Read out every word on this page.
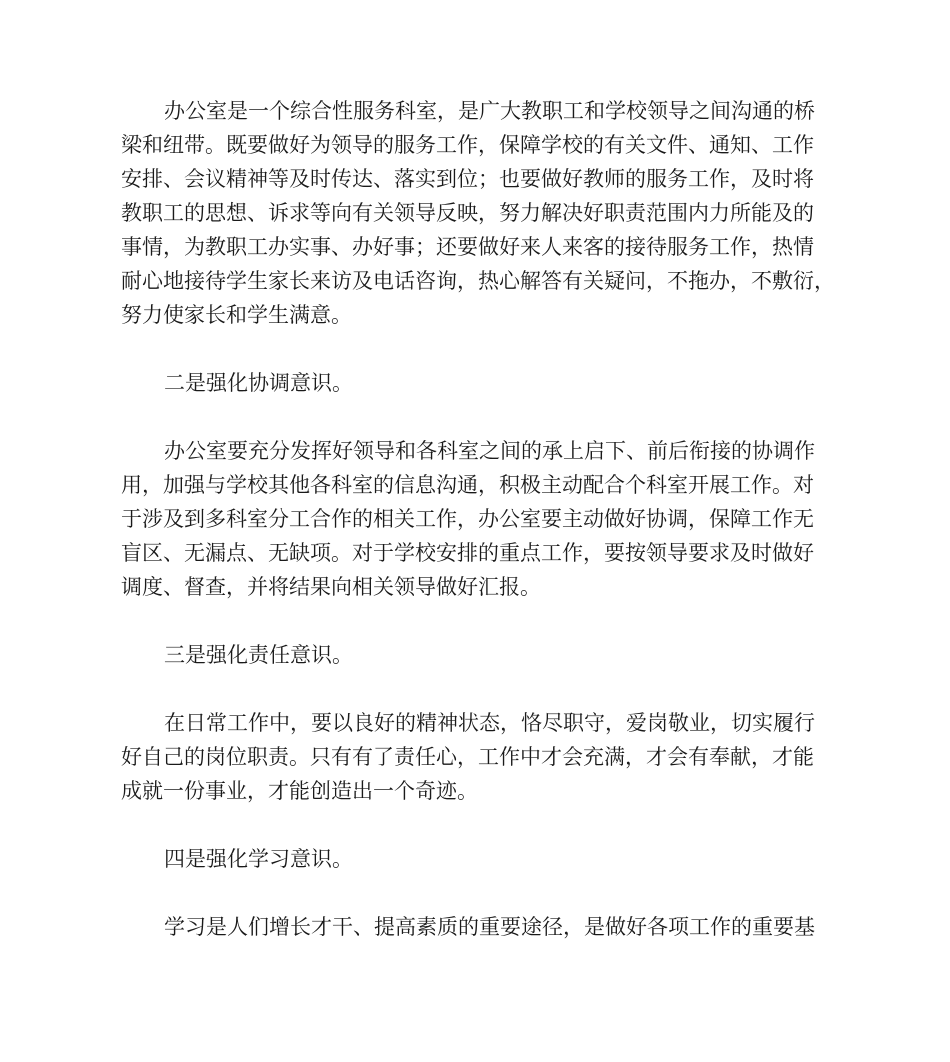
办公室是一个综合性服务科室，是广大教职工和学校领导之间沟通的桥
梁和纽带。既要做好为领导的服务工作，保障学校的有关文件、通知、工作
安排、会议精神等及时传达、落实到位；也要做好教师的服务工作，及时将
教职工的思想、诉求等向有关领导反映，努力解决好职责范围内力所能及的
事情，为教职工办实事、办好事；还要做好来人来客的接待服务工作，热情
耐心地接待学生家长来访及电话咨询，热心解答有关疑问，不拖办，不敷衍，
努力使家长和学生满意。
二是强化协调意识。
办公室要充分发挥好领导和各科室之间的承上启下、前后衔接的协调作
用，加强与学校其他各科室的信息沟通，积极主动配合个科室开展工作。对
于涉及到多科室分工合作的相关工作，办公室要主动做好协调，保障工作无
盲区、无漏点、无缺项。对于学校安排的重点工作，要按领导要求及时做好
调度、督查，并将结果向相关领导做好汇报。
三是强化责任意识。
在日常工作中，要以良好的精神状态，恪尽职守，爱岗敬业，切实履行
好自己的岗位职责。只有有了责任心，工作中才会充满，才会有奉献，才能
成就一份事业，才能创造出一个奇迹。
四是强化学习意识。
学习是人们增长才干、提高素质的重要途径，是做好各项工作的重要基
